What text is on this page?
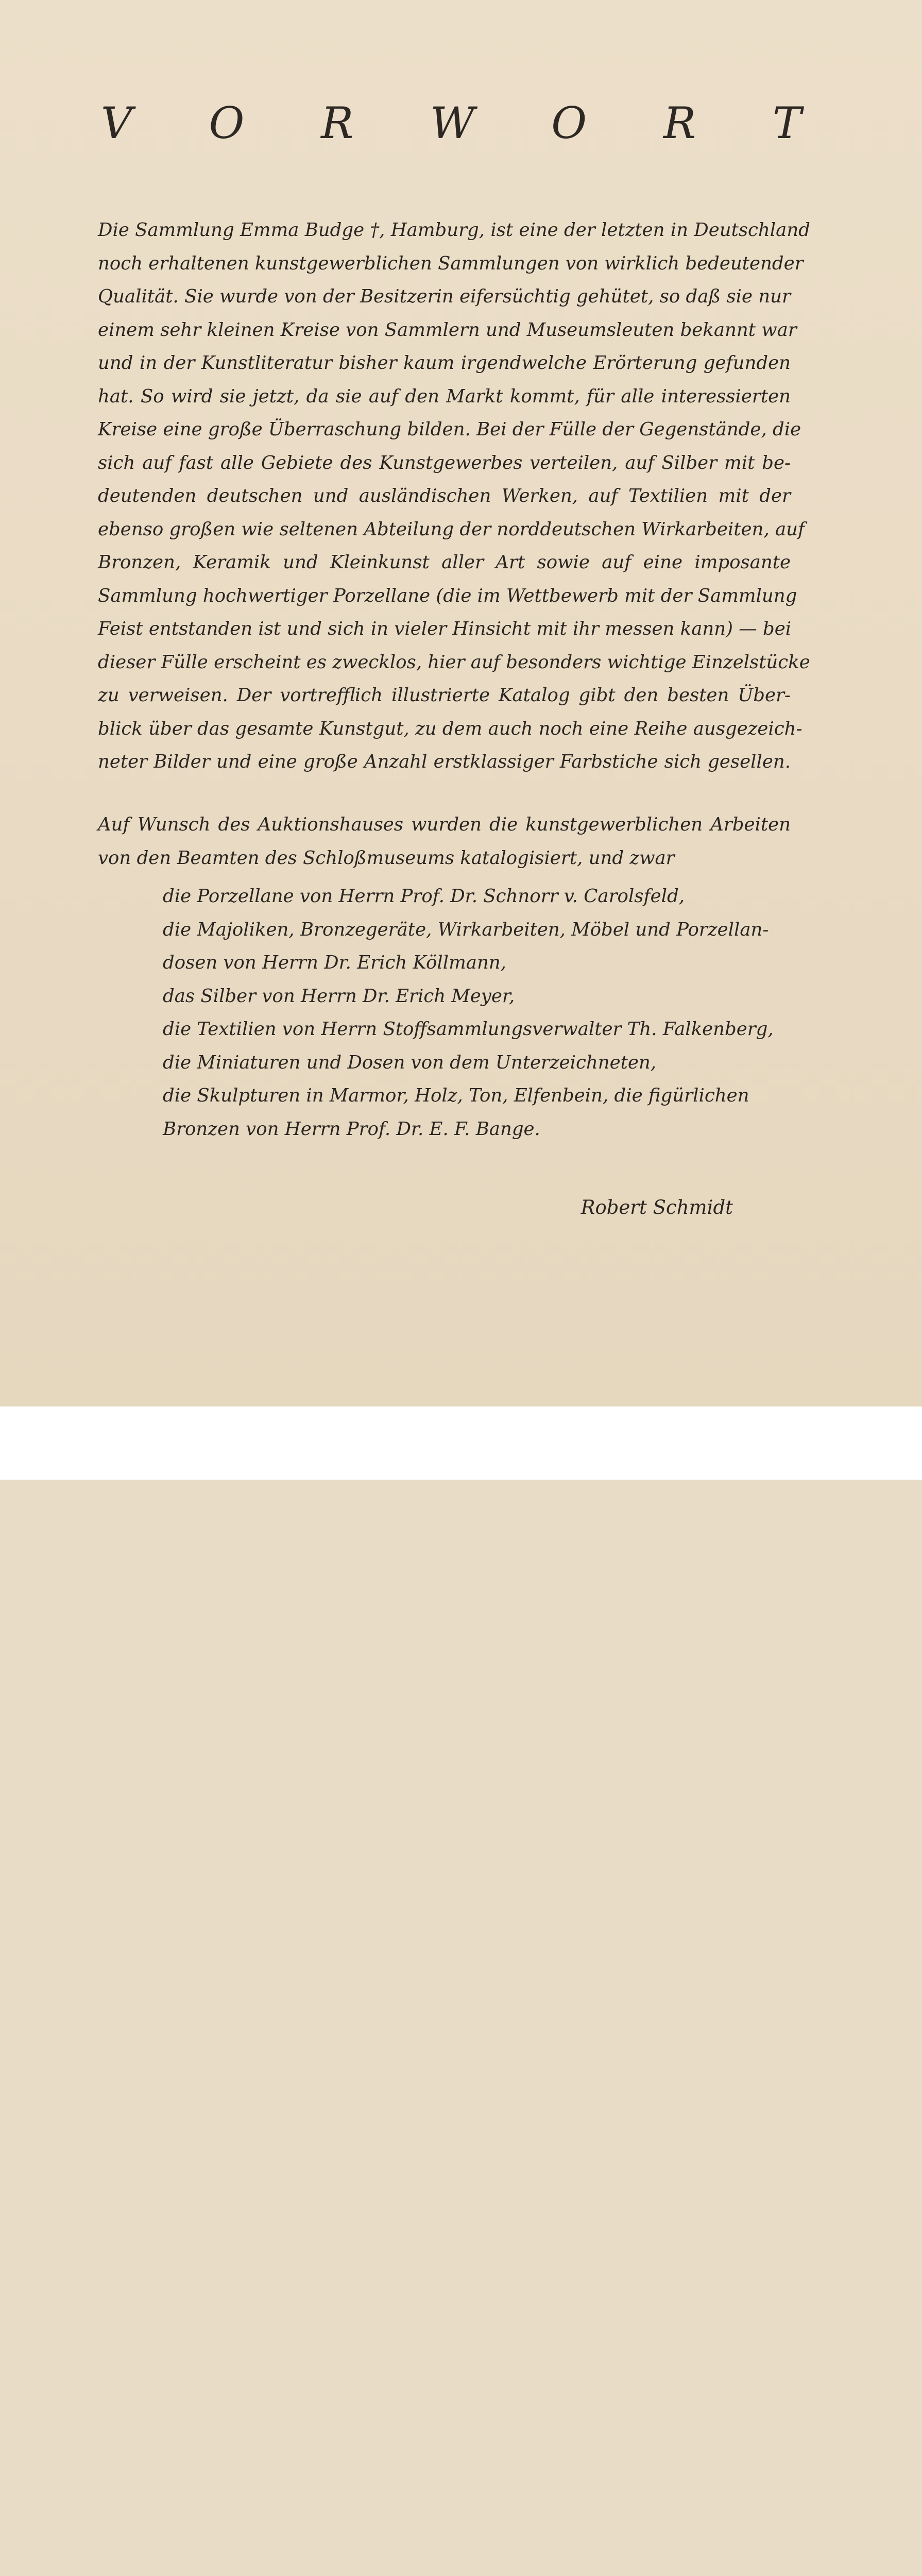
V O R W O R T
Die Sammlung Emma Budge †, Hamburg, ist eine der letzten in Deutschland
noch erhaltenen kunstgewerblichen Sammlungen von wirklich bedeutender
Qualität. Sie wurde von der Besitzerin eifersüchtig gehütet, so daß sie nur
einem sehr kleinen Kreise von Sammlern und Museumsleuten bekannt war
und in der Kunstliteratur bisher kaum irgendwelche Erörterung gefunden
hat. So wird sie jetzt, da sie auf den Markt kommt, für alle interessierten
Kreise eine große Überraschung bilden. Bei der Fülle der Gegenstände, die
sich auf fast alle Gebiete des Kunstgewerbes verteilen, auf Silber mit be-
deutenden deutschen und ausländischen Werken, auf Textilien mit der
ebenso großen wie seltenen Abteilung der norddeutschen Wirkarbeiten, auf
Bronzen, Keramik und Kleinkunst aller Art sowie auf eine imposante
Sammlung hochwertiger Porzellane (die im Wettbewerb mit der Sammlung
Feist entstanden ist und sich in vieler Hinsicht mit ihr messen kann) — bei
dieser Fülle erscheint es zwecklos, hier auf besonders wichtige Einzelstücke
zu verweisen. Der vortrefflich illustrierte Katalog gibt den besten Über-
blick über das gesamte Kunstgut, zu dem auch noch eine Reihe ausgezeich-
neter Bilder und eine große Anzahl erstklassiger Farbstiche sich gesellen.
Auf Wunsch des Auktionshauses wurden die kunstgewerblichen Arbeiten
von den Beamten des Schloßmuseums katalogisiert, und zwar
die Porzellane von Herrn Prof. Dr. Schnorr v. Carolsfeld,
die Majoliken, Bronzegeräte, Wirkarbeiten, Möbel und Porzellan-
dosen von Herrn Dr. Erich Köllmann,
das Silber von Herrn Dr. Erich Meyer,
die Textilien von Herrn Stoffsammlungsverwalter Th. Falkenberg,
die Miniaturen und Dosen von dem Unterzeichneten,
die Skulpturen in Marmor, Holz, Ton, Elfenbein, die figürlichen
Bronzen von Herrn Prof. Dr. E. F. Bange.
Robert Schmidt
